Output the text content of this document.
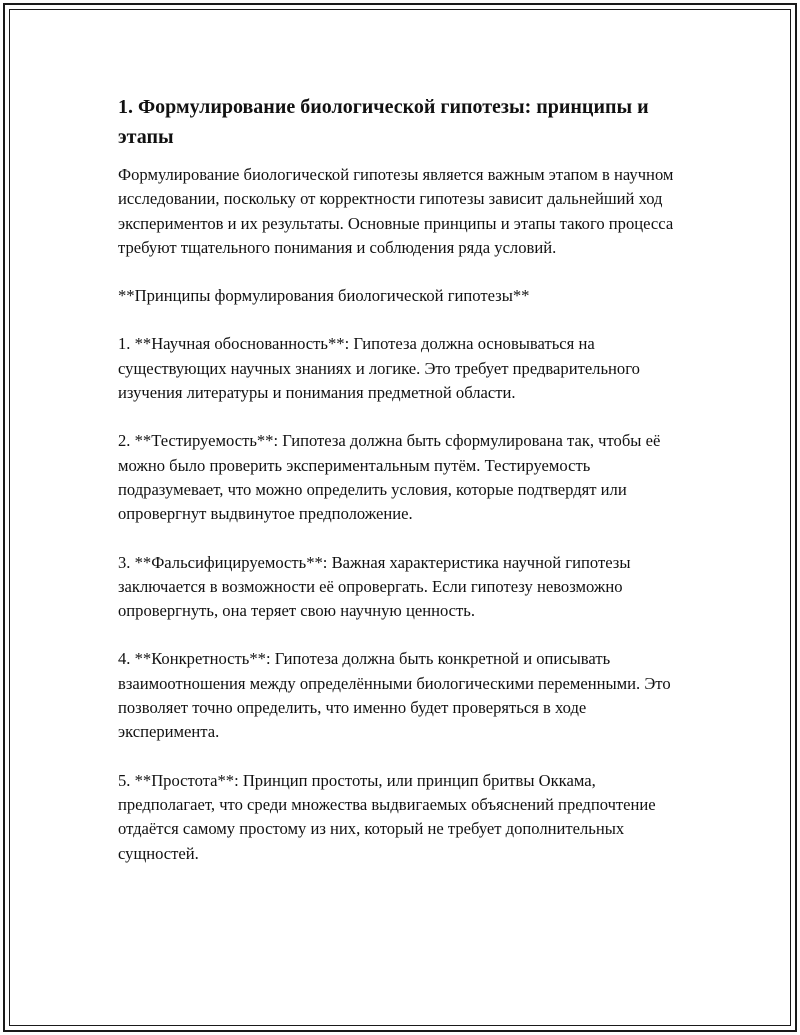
1. Формулирование биологической гипотезы: принципы и этапы

Формулирование биологической гипотезы является важным этапом в научном исследовании, поскольку от корректности гипотезы зависит дальнейший ход экспериментов и их результаты. Основные принципы и этапы такого процесса требуют тщательного понимания и соблюдения ряда условий.

**Принципы формулирования биологической гипотезы**

1. **Научная обоснованность**: Гипотеза должна основываться на существующих научных знаниях и логике. Это требует предварительного изучения литературы и понимания предметной области.

2. **Тестируемость**: Гипотеза должна быть сформулирована так, чтобы её можно было проверить экспериментальным путём. Тестируемость подразумевает, что можно определить условия, которые подтвердят или опровергнут выдвинутое предположение.

3. **Фальсифицируемость**: Важная характеристика научной гипотезы заключается в возможности её опровергать. Если гипотезу невозможно опровергнуть, она теряет свою научную ценность.

4. **Конкретность**: Гипотеза должна быть конкретной и описывать взаимоотношения между определёнными биологическими переменными. Это позволяет точно определить, что именно будет проверяться в ходе эксперимента.

5. **Простота**: Принцип простоты, или принцип бритвы Оккама, предполагает, что среди множества выдвигаемых объяснений предпочтение отдаётся самому простому из них, который не требует дополнительных сущностей.
